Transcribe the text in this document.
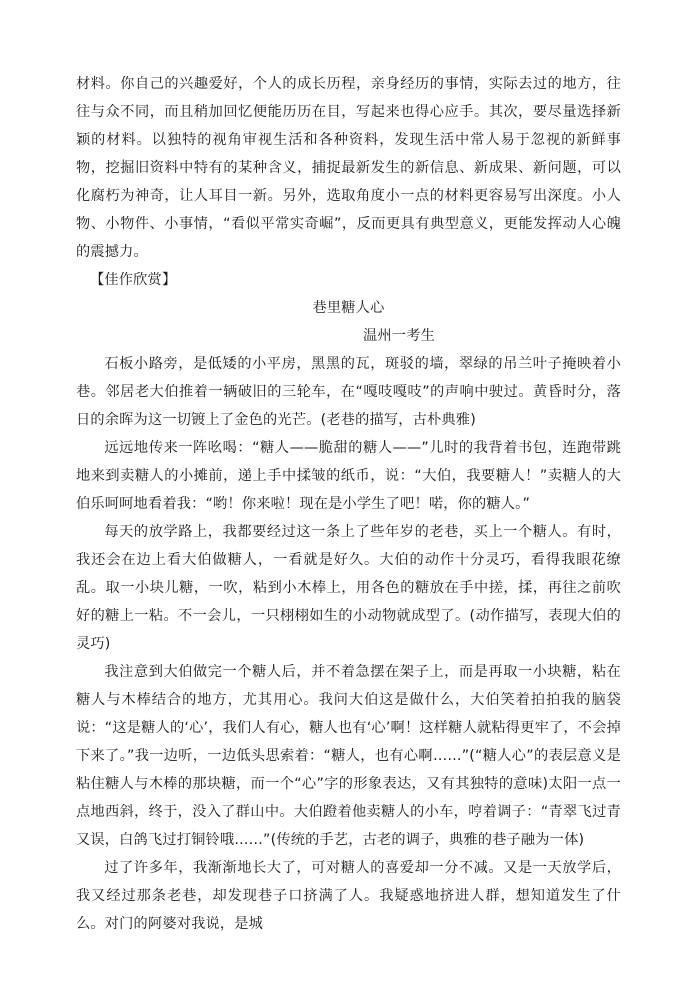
材料。你自己的兴趣爱好，个人的成长历程，亲身经历的事情，实际去过的地方，往往与众不同，而且稍加回忆便能历历在目，写起来也得心应手。其次，要尽量选择新颖的材料。以独特的视角审视生活和各种资料，发现生活中常人易于忽视的新鲜事物，挖掘旧资料中特有的某种含义，捕捉最新发生的新信息、新成果、新问题，可以化腐朽为神奇，让人耳目一新。另外，选取角度小一点的材料更容易写出深度。小人物、小物件、小事情，“看似平常实奇崛”，反而更具有典型意义，更能发挥动人心魄的震撼力。

【佳作欣赏】

巷里糖人心

温州一考生

石板小路旁，是低矮的小平房，黑黑的瓦，斑驳的墙，翠绿的吊兰叶子掩映着小巷。邻居老大伯推着一辆破旧的三轮车，在“嘎吱嘎吱”的声响中驶过。黄昏时分，落日的余晖为这一切镀上了金色的光芒。(老巷的描写，古朴典雅)

远远地传来一阵吆喝：“糖人——脆甜的糖人——”儿时的我背着书包，连跑带跳地来到卖糖人的小摊前，递上手中揉皱的纸币，说：“大伯，我要糖人！”卖糖人的大伯乐呵呵地看着我：“哟！你来啦！现在是小学生了吧！喏，你的糖人。”

每天的放学路上，我都要经过这一条上了些年岁的老巷，买上一个糖人。有时，我还会在边上看大伯做糖人，一看就是好久。大伯的动作十分灵巧，看得我眼花缭乱。取一小块儿糖，一吹，粘到小木棒上，用各色的糖放在手中搓，揉，再往之前吹好的糖上一粘。不一会儿，一只栩栩如生的小动物就成型了。(动作描写，表现大伯的灵巧)

我注意到大伯做完一个糖人后，并不着急摆在架子上，而是再取一小块糖，粘在糖人与木棒结合的地方，尤其用心。我问大伯这是做什么，大伯笑着拍拍我的脑袋说：“这是糖人的‘心’，我们人有心，糖人也有‘心’啊！这样糖人就粘得更牢了，不会掉下来了。”我一边听，一边低头思索着：“糖人，也有心啊……”(“糖人心”的表层意义是粘住糖人与木棒的那块糖，而一个“心”字的形象表达，又有其独特的意味)太阳一点一点地西斜，终于，没入了群山中。大伯蹬着他卖糖人的小车，哼着调子：“青翠飞过青又误，白鸽飞过打铜铃哦……”(传统的手艺，古老的调子，典雅的巷子融为一体)

过了许多年，我渐渐地长大了，可对糖人的喜爱却一分不减。又是一天放学后，我又经过那条老巷，却发现巷子口挤满了人。我疑惑地挤进人群，想知道发生了什么。对门的阿婆对我说，是城
